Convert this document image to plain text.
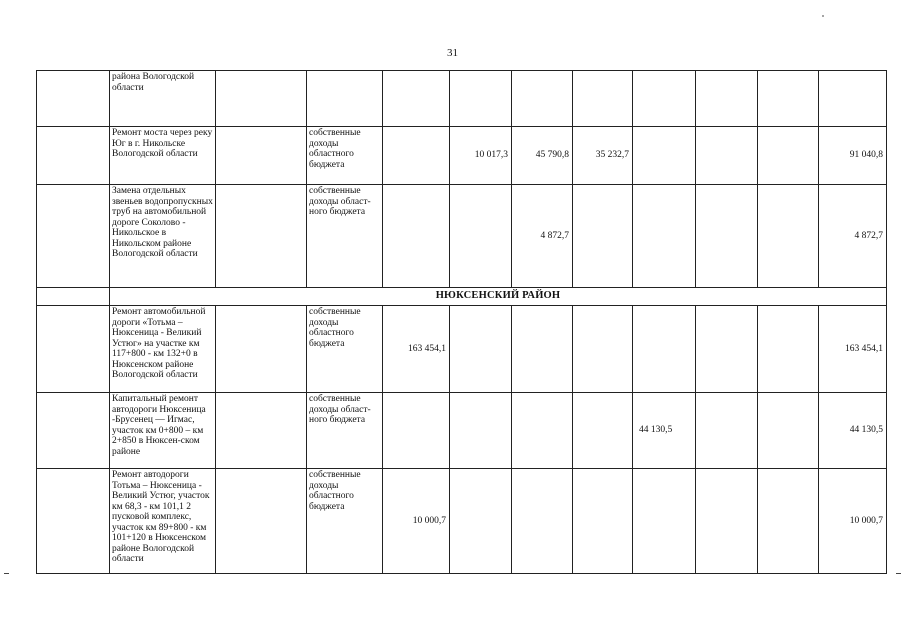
31
	района Вологодской области										
	Ремонт моста через реку Юг в г. Никольске Вологодской области		собственные доходы областного бюджета		10 017,3	45 790,8	35 232,7				91 040,8
	Замена отдельных звеньев водопропускных труб на автомобильной дороге Соколово - Никольское в Никольском районе Вологодской области		собственные доходы област-ного бюджета			4 872,7					4 872,7
	НЮКСЕНСКИЙ РАЙОН										
	Ремонт автомобильной дороги «Тотьма – Нюксеница - Великий Устюг» на участке км 117+800 - км 132+0 в Нюксенском районе Вологодской области		собственные доходы областного бюджета	163 454,1							163 454,1
	Капитальный ремонт автодороги Нюксеница -Брусенец — Игмас, участок км 0+800 – км 2+850 в Нюксен-ском районе		собственные доходы област-ного бюджета					44 130,5			44 130,5
	Ремонт автодороги Тотьма – Нюксеница - Великий Устюг, участок км 68,3 - км 101,1 2 пусковой комплекс, участок км 89+800 - км 101+120 в Нюксенском районе Вологодской области		собственные доходы областного бюджета	10 000,7							10 000,7
